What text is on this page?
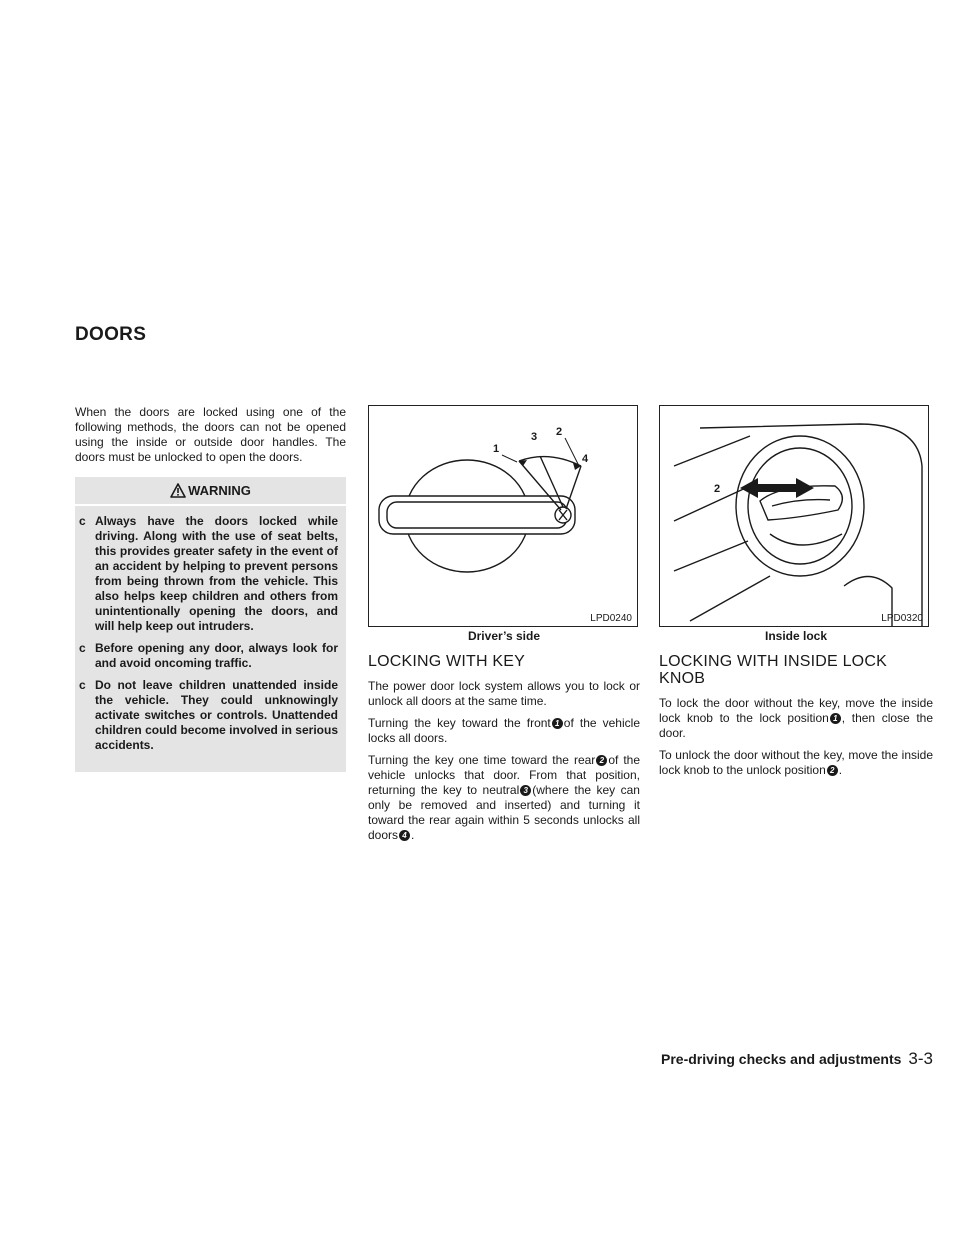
DOORS

When the doors are locked using one of the following methods, the doors can not be opened using the inside or outside door handles. The doors must be unlocked to open the doors.

WARNING
c Always have the doors locked while driving. Along with the use of seat belts, this provides greater safety in the event of an accident by helping to prevent persons from being thrown from the vehicle. This also helps keep children and others from unintentionally opening the doors, and will help keep out intruders.
c Before opening any door, always look for and avoid oncoming traffic.
c Do not leave children unattended inside the vehicle. They could unknowingly activate switches or controls. Unattended children could become involved in serious accidents.
1
3 2
4
LPD0240
Driver’s side
LOCKING WITH KEY

The power door lock system allows you to lock or unlock all doors at the same time.

Turning the key toward the front 1 of the vehicle locks all doors.

Turning the key one time toward the rear 2 of the vehicle unlocks that door. From that position, returning the key to neutral 3 (where the key can only be removed and inserted) and turning it toward the rear again within 5 seconds unlocks all doors 4 .

2	1
LPD0320
Inside lock
LOCKING WITH INSIDE LOCK KNOB

To lock the door without the key, move the inside lock knob to the lock position 1 , then close the door.

To unlock the door without the key, move the inside lock knob to the unlock position 2 .

Pre-driving checks and adjustments 3-3
